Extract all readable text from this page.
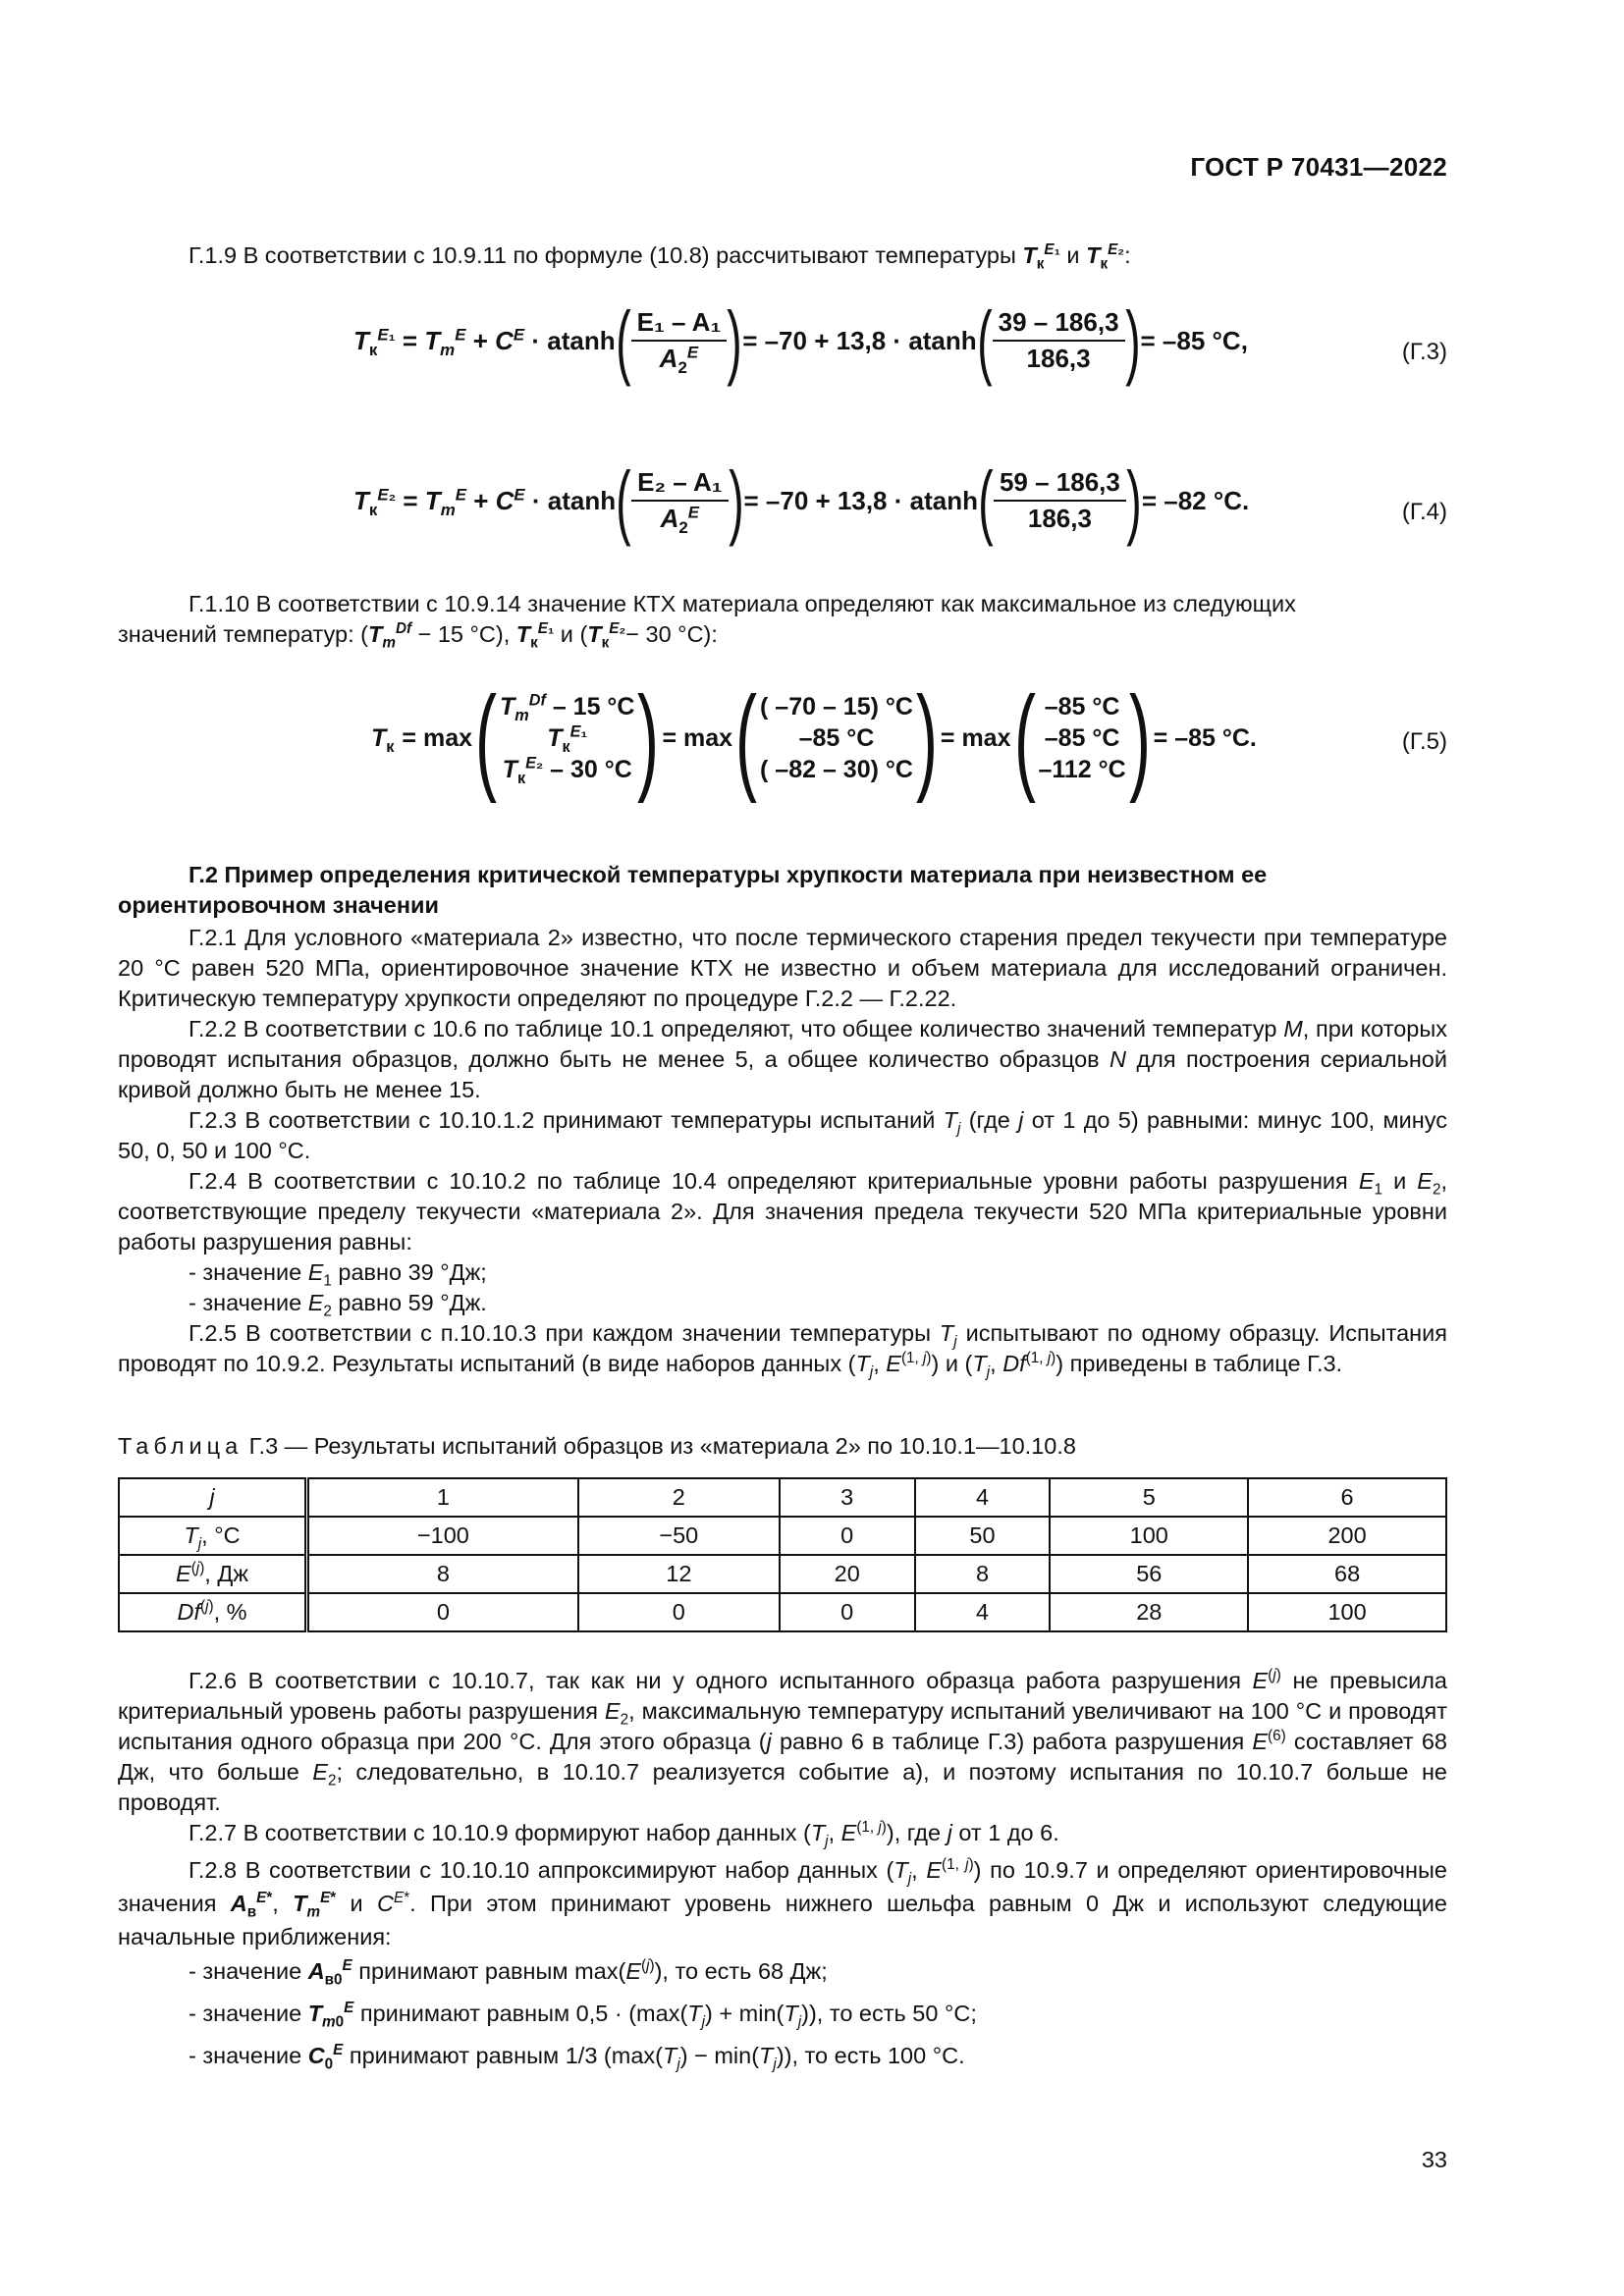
ГОСТ Р 70431—2022
Г.1.9 В соответствии с 10.9.11 по формуле (10.8) рассчитывают температуры $T_к^{E_1}$ и $T_к^{E_2}$:
$T_к^{E_1} = T_m^E + C^E \cdot atanh$ ( $\frac{\text{E₁ – A₁}}{A_2^E}$ ) = –70 + 13,8 · atanh ( $\frac{39 - 186,3}{186,3}$ ) = –85 °С,	(Г.3)
$T_к^{E_2} = T_m^E + C^E \cdot atanh$ ( $\frac{\text{E₂ – A₁}}{A_2^E}$ ) = –70 + 13,8 · atanh ( $\frac{59 - 186,3}{186,3}$ ) = –82 °С.	(Г.4)
Г.1.10 В соответствии с 10.9.14 значение КТХ материала определяют как максимальное из следующих
значений температур: ($T_m^{Df} - 15$ °С), $T_к^{E_1}$ и ($T_к^{E_2}- 30$ °С):
$T_к = \max$ ( $T_m^{Df} - 15$ °С
$T_к^{E_1}$
$T_к^{E_2} - 30$ °С ) = max ( ( –70 – 15) °С
–85 °С
( –82 – 30) °С ) = max ( –85 °С
–85 °С
–112 °С ) = –85 °С.	(Г.5)
Г.2 Пример определения критической температуры хрупкости материала при неизвестном ее
ориентировочном значении
Г.2.1 Для условного «материала 2» известно, что после термического старения предел текучести при температуре 20 °С равен 520 МПа, ориентировочное значение КТХ не известно и объем материала для исследований ограничен. Критическую температуру хрупкости определяют по процедуре Г.2.2 — Г.2.22.
Г.2.2 В соответствии с 10.6 по таблице 10.1 определяют, что общее количество значений температур M, при которых проводят испытания образцов, должно быть не менее 5, а общее количество образцов N для построения сериальной кривой должно быть не менее 15.
Г.2.3 В соответствии с 10.10.1.2 принимают температуры испытаний $T_j$ (где j от 1 до 5) равными: минус 100, минус 50, 0, 50 и 100 °С.
Г.2.4 В соответствии с 10.10.2 по таблице 10.4 определяют критериальные уровни работы разрушения $E_1$ и $E_2$, соответствующие пределу текучести «материала 2». Для значения предела текучести 520 МПа критериальные уровни работы разрушения равны:
- значение $E_1$ равно 39 °Дж;
- значение $E_2$ равно 59 °Дж.
Г.2.5 В соответствии с п.10.10.3 при каждом значении температуры $T_j$ испытывают по одному образцу. Испытания проводят по 10.9.2. Результаты испытаний (в виде наборов данных ($T_j$, E$^{(1, j)}$) и ($T_j$, Df$^{(1, j)}$) приведены в таблице Г.3.
Таблица Г.3 — Результаты испытаний образцов из «материала 2» по 10.10.1—10.10.8
j	1	2	3	4	5	6
$T_j$, °С	−100	−50	0	50	100	200
$E^{(j)}$, Дж	8	12	20	8	56	68
Df$^{(j)}$, %	0	0	0	4	28	100
Г.2.6 В соответствии с 10.10.7, так как ни у одного испытанного образца работа разрушения $E^{(j)}$ не превысила критериальный уровень работы разрушения $E_2$, максимальную температуру испытаний увеличивают на 100 °С и проводят испытания одного образца при 200 °С. Для этого образца (j равно 6 в таблице Г.3) работа разрушения $E^{(6)}$ составляет 68 Дж, что больше $E_2$; следовательно, в 10.10.7 реализуется событие а), и поэтому испытания по 10.10.7 больше не проводят.
Г.2.7 В соответствии с 10.10.9 формируют набор данных ($T_j$, E$^{(1, j)}$), где j от 1 до 6.
Г.2.8 В соответствии с 10.10.10 аппроксимируют набор данных ($T_j$, E$^{(1, j)}$) по 10.9.7 и определяют ориентировочные значения $A_в^{E*}$, $T_m^{E*}$ и $C^{E*}$. При этом принимают уровень нижнего шельфа равным 0 Дж и используют следующие начальные приближения:
- значение $A_{в0}^E$ принимают равным $\max(E^{(j)})$, то есть 68 Дж;
- значение $T_{m0}^E$ принимают равным $0,5 \cdot (\max(T_j) + \min(T_j))$, то есть 50 °С;
- значение $C_0^E$ принимают равным 1/3 $(\max(T_j) - \min(T_j))$, то есть 100 °С.
33
